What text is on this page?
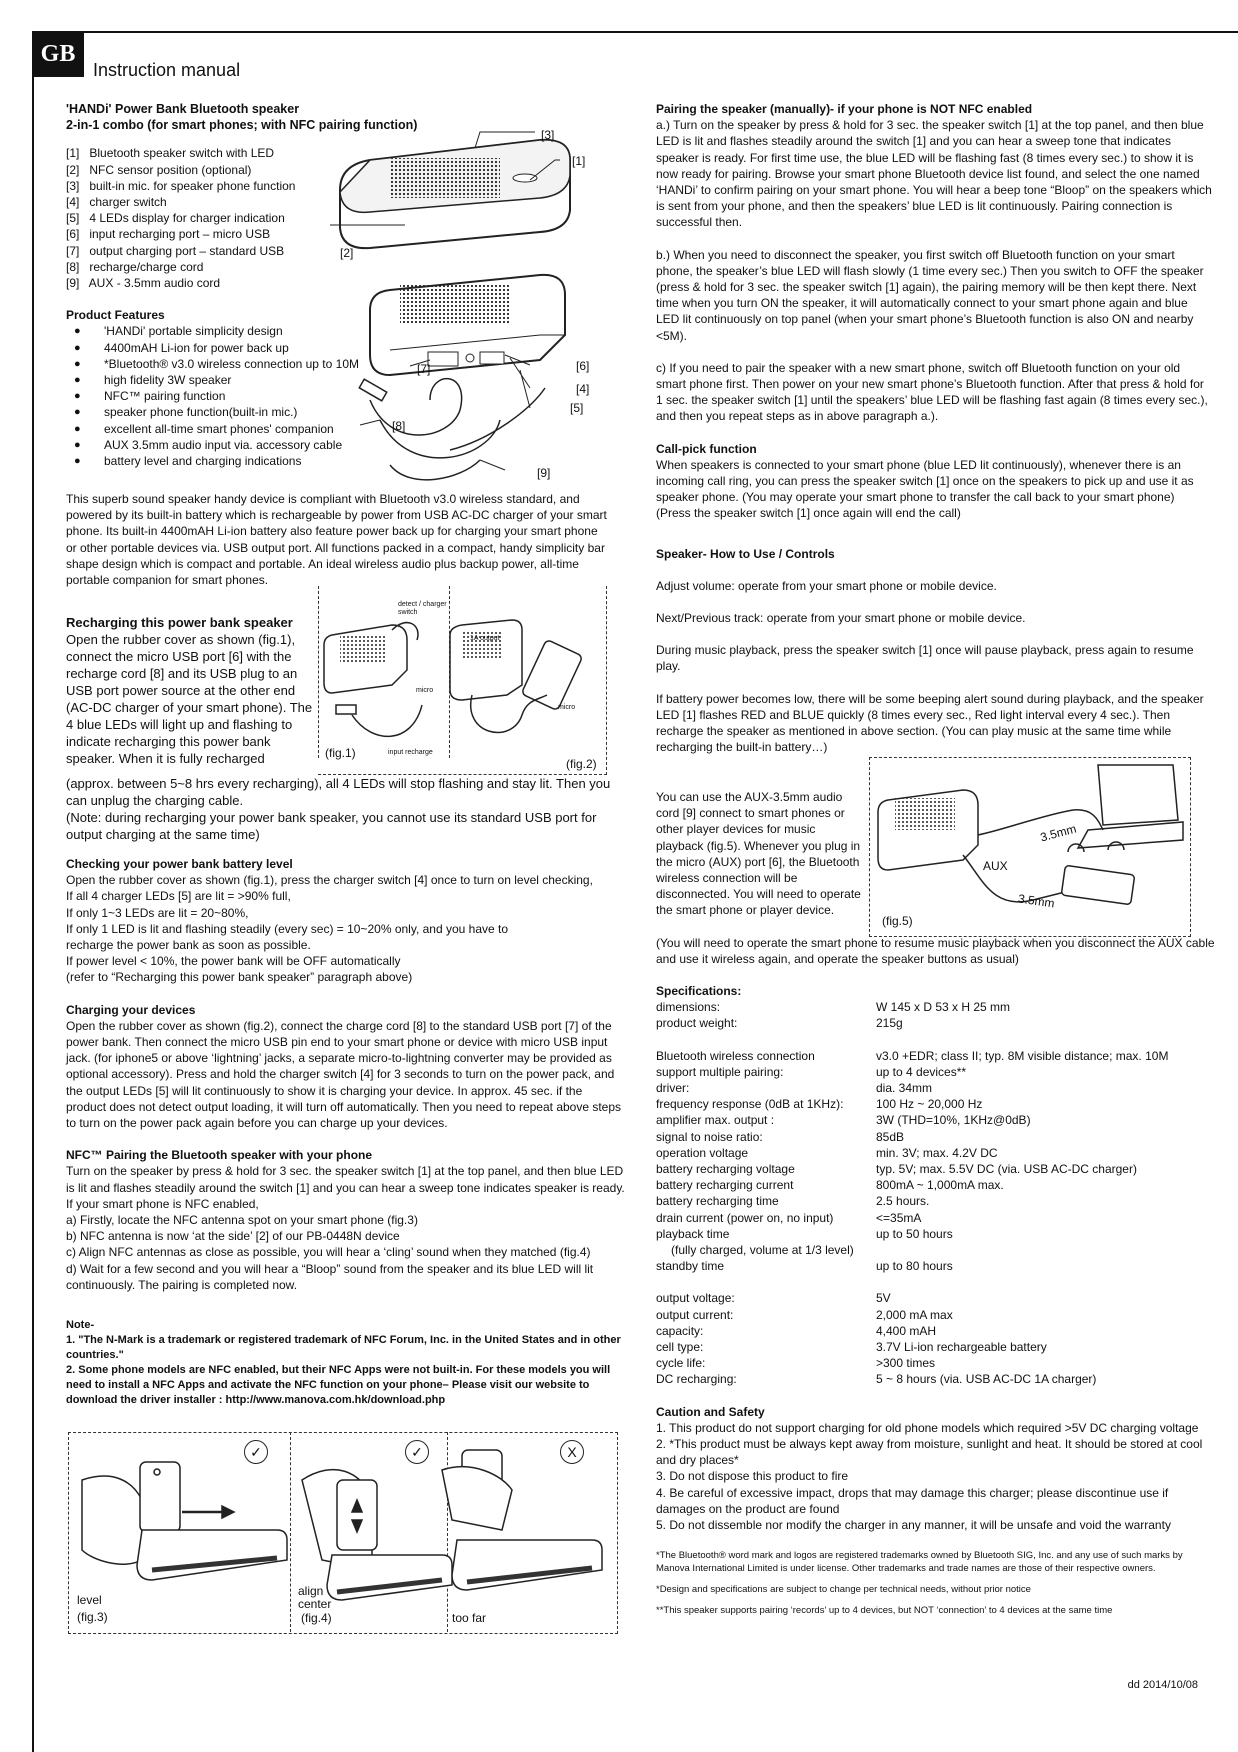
GB
Instruction manual

'HANDi' Power Bank Bluetooth speaker

2-in-1 combo (for smart phones; with NFC pairing function)

[1]   Bluetooth speaker switch with LED
[2]   NFC sensor position (optional)
[3]   built-in mic. for speaker phone function
[4]   charger switch
[5]   4 LEDs display for charger indication
[6]   input recharging port – micro USB
[7]   output charging port – standard USB
[8]   recharge/charge cord
[9]   AUX - 3.5mm audio cord

Product Features

● 'HANDi' portable simplicity design
● 4400mAH Li-ion for power back up
● *Bluetooth® v3.0 wireless connection up to 10M
● high fidelity 3W speaker
● NFC™ pairing function
● speaker phone function(built-in mic.)
● excellent all-time smart phones' companion
● AUX 3.5mm audio input via. accessory cable
● battery level and charging indications
[3]
[1]
[2]
[7]	[6]
[4]
[5]
[8]
[9]

This superb sound speaker handy device is compliant with Bluetooth v3.0 wireless standard, and powered by its built-in battery which is rechargeable by power from USB AC-DC charger of your smart phone. Its built-in 4400mAH Li-ion battery also feature power back up for charging your smart phone or other portable devices via. USB output port. All functions packed in a compact, handy simplicity bar shape design which is compact and portable. An ideal wireless audio plus backup power, all-time portable companion for smart phones.

Recharging this power bank speaker

Open the rubber cover as shown (fig.1), connect the micro USB port [6] with the recharge cord [8] and its USB plug to an USB port power source at the other end (AC-DC charger of your smart phone). The 4 blue LEDs will light up and flashing to indicate recharging this power bank speaker. When it is fully recharged

(approx. between 5~8 hrs every recharging), all 4 LEDs will stop flashing and stay lit. Then you can unplug the charging cable.

(Note: during recharging your power bank speaker, you cannot use its standard USB port for output charging at the same time)

detect / charger switch
1A output
micro
input recharge
micro
(fig.1)
(fig.2)

Checking your power bank battery level

Open the rubber cover as shown (fig.1), press the charger switch [4] once to turn on level checking,

If all 4 charger LEDs [5] are lit = >90% full,

If only 1~3 LEDs are lit = 20~80%,

If only 1 LED is lit and flashing steadily (every sec) = 10~20% only, and you have to

recharge the power bank as soon as possible.

If power level < 10%, the power bank will be OFF automatically

(refer to “Recharging this power bank speaker” paragraph above)

Charging your devices

Open the rubber cover as shown (fig.2), connect the charge cord [8] to the standard USB port [7] of the power bank. Then connect the micro USB pin end to your smart phone or device with micro USB input jack. (for iphone5 or above ‘lightning’ jacks, a separate micro-to-lightning converter may be provided as optional accessory). Press and hold the charger switch [4] for 3 seconds to turn on the power pack, and the output LEDs [5] will lit continuously to show it is charging your device. In approx. 45 sec. if the product does not detect output loading, it will turn off automatically. Then you need to repeat above steps to turn on the power pack again before you can charge up your devices.

NFC™ Pairing the Bluetooth speaker with your phone

Turn on the speaker by press & hold for 3 sec. the speaker switch [1] at the top panel, and then blue LED is lit and flashes steadily around the switch [1] and you can hear a sweep tone indicates speaker is ready.

If your smart phone is NFC enabled,

a) Firstly, locate the NFC antenna spot on your smart phone (fig.3)

b) NFC antenna is now ‘at the side’ [2] of our PB-0448N device

c) Align NFC antennas as close as possible, you will hear a ‘cling’ sound when they matched (fig.4)

d) Wait for a few second and you will hear a “Bloop” sound from the speaker and its blue LED will lit continuously. The pairing is completed now.

Note-

1. "The N-Mark is a trademark or registered trademark of NFC Forum, Inc. in the United States and in other countries."

2. Some phone models are NFC enabled, but their NFC Apps were not built-in. For these models you will need to install a NFC Apps and activate the NFC function on your phone– Please visit our website to download the driver installer : http://www.manova.com.hk/download.php

✓	✓	X
level
(fig.3)
align
center
(fig.4)	too far

Pairing the speaker (manually)- if your phone is NOT NFC enabled

a.) Turn on the speaker by press & hold for 3 sec. the speaker switch [1] at the top panel, and then blue LED is lit and flashes steadily around the switch [1] and you can hear a sweep tone that indicates speaker is ready. For first time use, the blue LED will be flashing fast (8 times every sec.) to show it is now ready for pairing. Browse your smart phone Bluetooth device list found, and select the one named ‘HANDi’ to confirm pairing on your smart phone. You will hear a beep tone “Bloop” on the speakers which is sent from your phone, and then the speakers’ blue LED is lit continuously. Pairing connection is successful then.

b.) When you need to disconnect the speaker, you first switch off Bluetooth function on your smart phone, the speaker’s blue LED will flash slowly (1 time every sec.) Then you switch to OFF the speaker (press & hold for 3 sec. the speaker switch [1] again), the pairing memory will be then kept there. Next time when you turn ON the speaker, it will automatically connect to your smart phone again and blue LED lit continuously on top panel (when your smart phone’s Bluetooth function is also ON and nearby <5M).

c) If you need to pair the speaker with a new smart phone, switch off Bluetooth function on your old smart phone first. Then power on your new smart phone’s Bluetooth function. After that press & hold for 1 sec. the speaker switch [1] until the speakers’ blue LED will be flashing fast again (8 times every sec.), and then you repeat steps as in above paragraph a.).

Call-pick function

When speakers is connected to your smart phone (blue LED lit continuously), whenever there is an incoming call ring, you can press the speaker switch [1] once on the speakers to pick up and use it as speaker phone. (You may operate your smart phone to transfer the call back to your smart phone)

(Press the speaker switch [1] once again will end the call)

Speaker- How to Use / Controls

Adjust volume: operate from your smart phone or mobile device.

Next/Previous track: operate from your smart phone or mobile device.

During music playback, press the speaker switch [1] once will pause playback, press again to resume play.

If battery power becomes low, there will be some beeping alert sound during playback, and the speaker LED [1] flashes RED and BLUE quickly (8 times every sec., Red light interval every 4 sec.). Then recharge the speaker as mentioned in above section. (You can play music at the same time while recharging the built-in battery…)

You can use the AUX-3.5mm audio cord [9] connect to smart phones or other player devices for music playback (fig.5). Whenever you plug in the micro (AUX) port [6], the Bluetooth wireless connection will be disconnected. You will need to operate the smart phone or player device.

3.5mm
AUX
3.5mm
(fig.5)

(You will need to operate the smart phone to resume music playback when you disconnect the AUX cable and use it wireless again, and operate the speaker buttons as usual)

Specifications:

dimensions:	W 145 x D 53 x H 25 mm
product weight:	215g
Bluetooth wireless connection	v3.0 +EDR; class II; typ. 8M visible distance; max. 10M
support multiple pairing:	up to 4 devices**
driver:	dia. 34mm
frequency response (0dB at 1KHz):	100 Hz ~ 20,000 Hz
amplifier max. output :	3W (THD=10%, 1KHz@0dB)
signal to noise ratio:	85dB
operation voltage	min. 3V; max. 4.2V DC
battery recharging voltage	typ. 5V; max. 5.5V DC (via. USB AC-DC charger)
battery recharging current	800mA ~ 1,000mA max.
battery recharging time	2.5 hours.
drain current (power on, no input)	<=35mA
playback time	up to 50 hours

(fully charged, volume at 1/3 level)

standby time	up to 80 hours
output voltage:	5V
output current:	2,000 mA max
capacity:	4,400 mAH
cell type:	3.7V Li-ion rechargeable battery
cycle life:	>300 times
DC recharging:	5 ~ 8 hours (via. USB AC-DC 1A charger)

Caution and Safety

1. This product do not support charging for old phone models which required >5V DC charging voltage

2. *This product must be always kept away from moisture, sunlight and heat. It should be stored at cool and dry places*

3. Do not dispose this product to fire

4. Be careful of excessive impact, drops that may damage this charger; please discontinue use if damages on the product are found

5. Do not dissemble nor modify the charger in any manner, it will be unsafe and void the warranty

*The Bluetooth® word mark and logos are registered trademarks owned by Bluetooth SIG, Inc. and any use of such marks by Manova International Limited is under license. Other trademarks and trade names are those of their respective owners.

*Design and specifications are subject to change per technical needs, without prior notice

**This speaker supports pairing ‘records’ up to 4 devices, but NOT ‘connection’ to 4 devices at the same time

dd 2014/10/08
